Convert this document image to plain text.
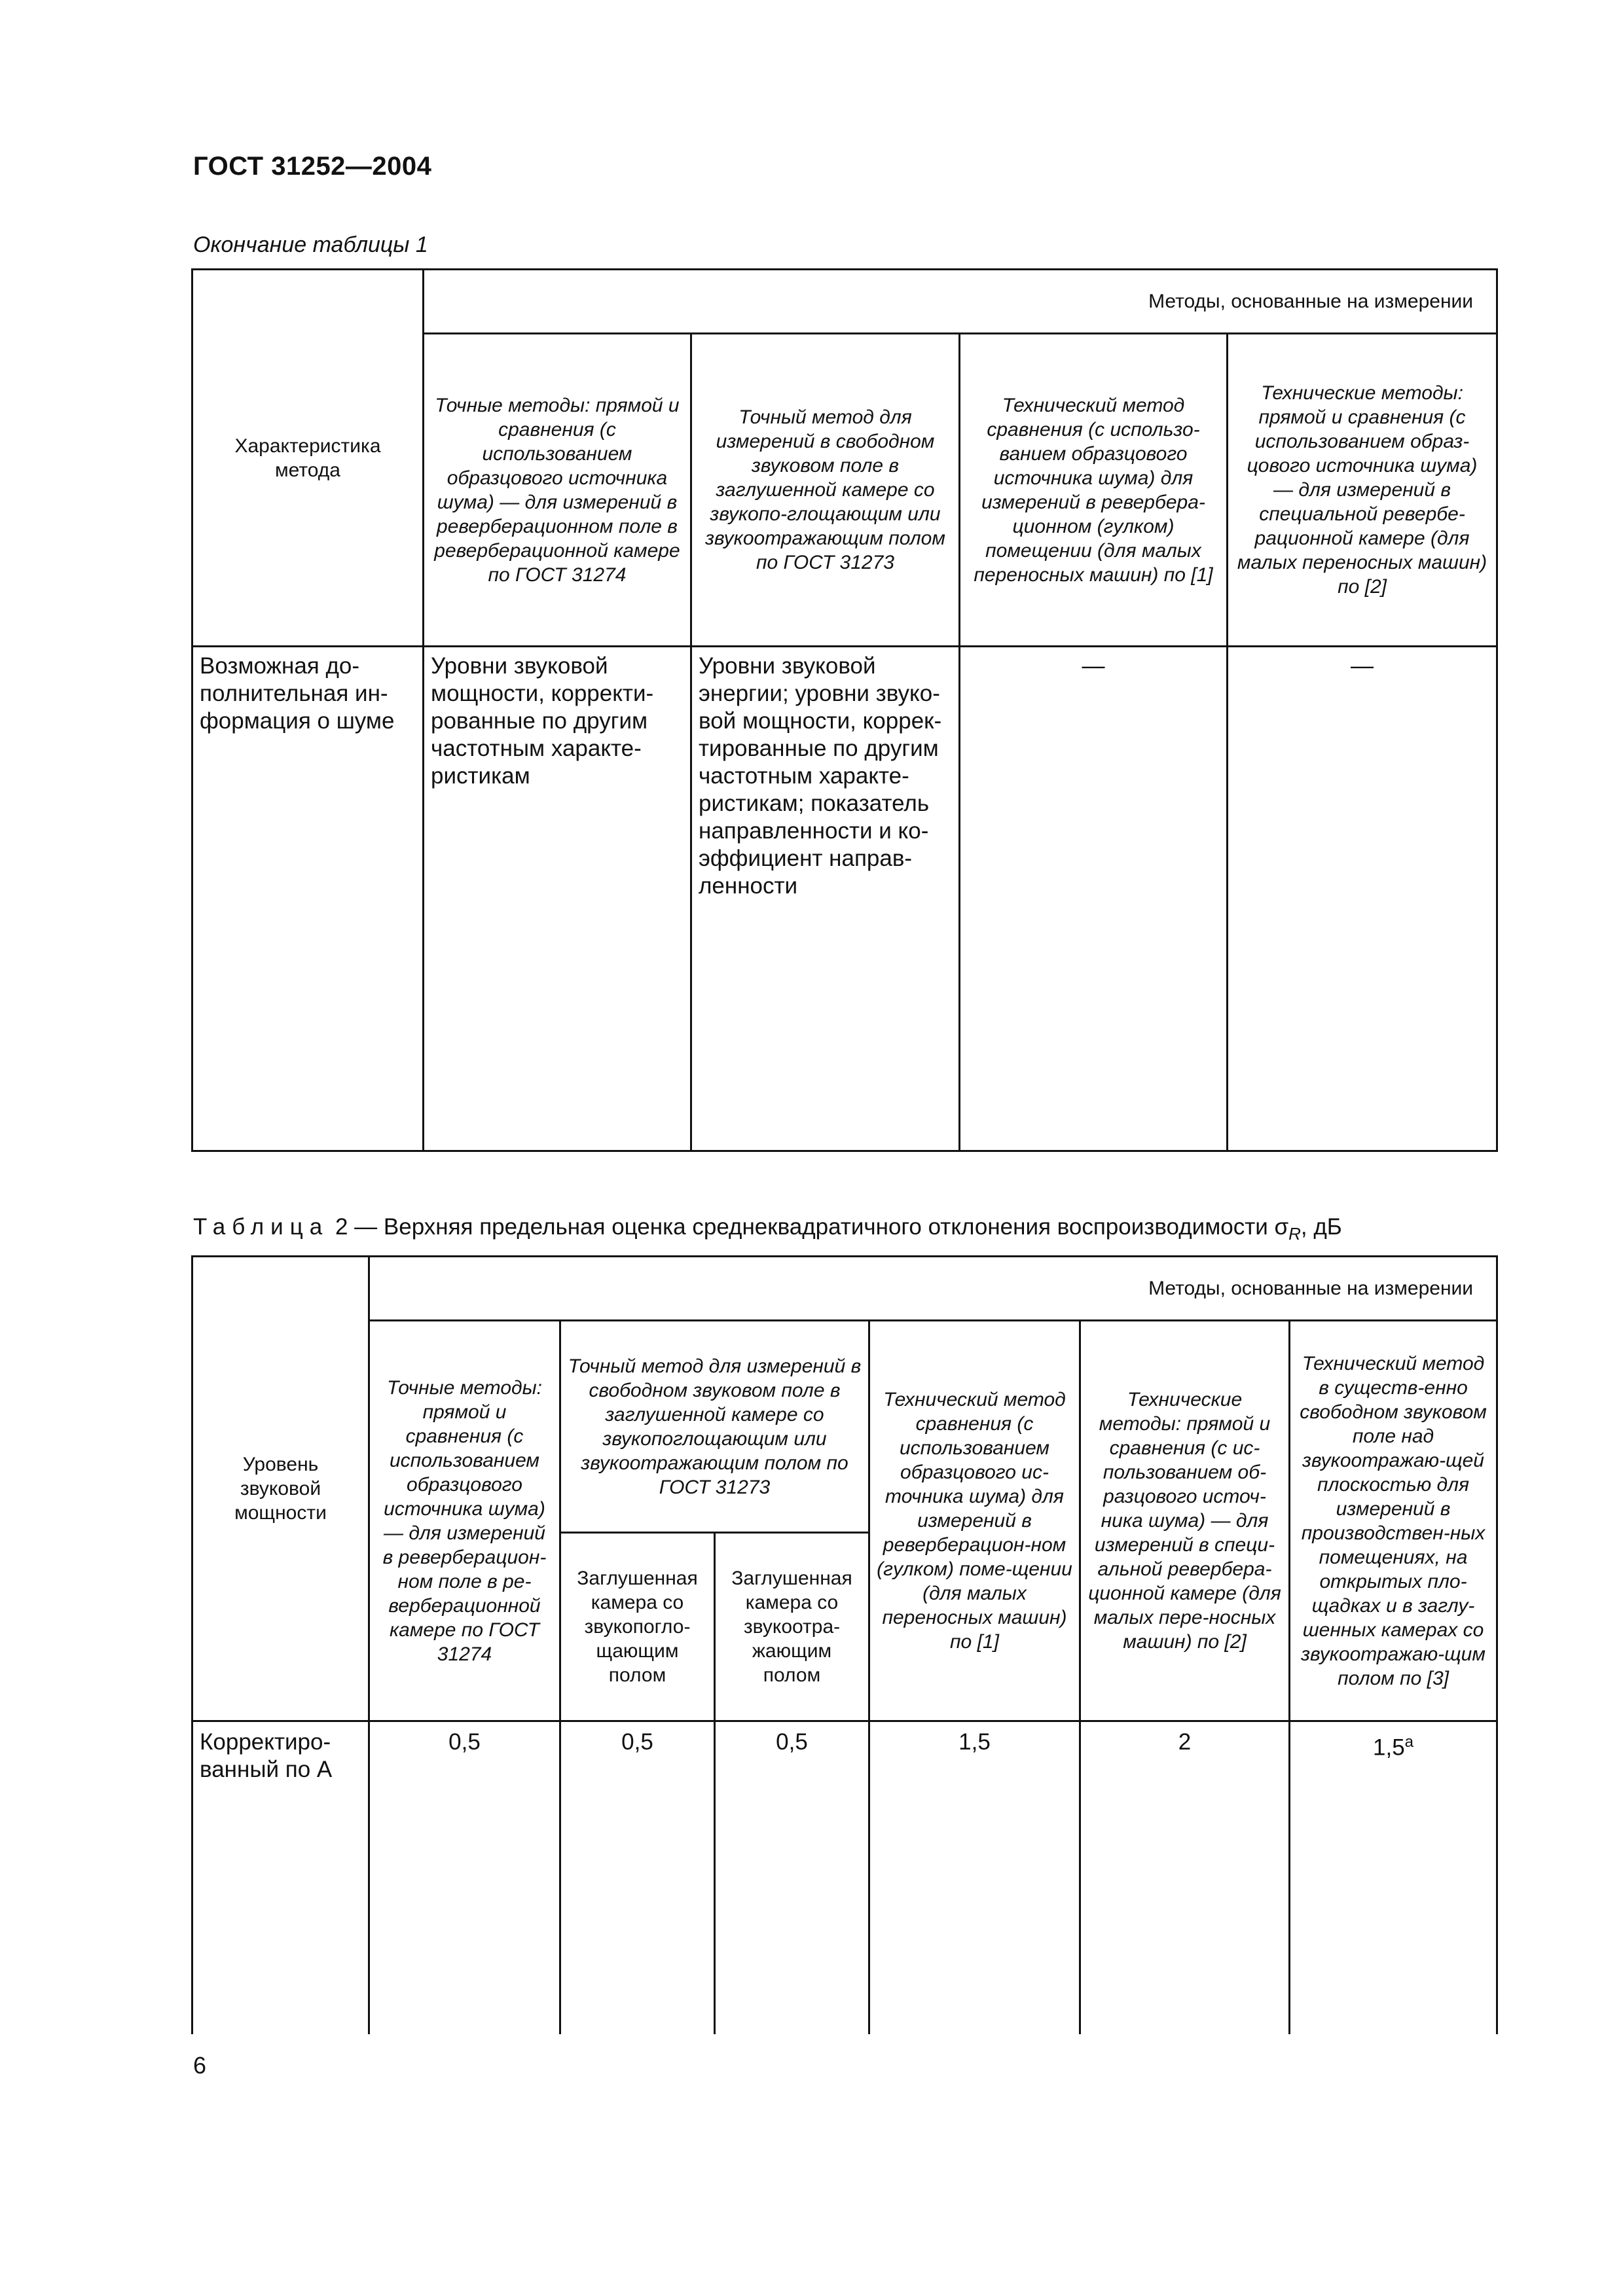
ГОСТ 31252—2004
Окончание таблицы 1
Характеристика метода	Методы, основанные на измерении			
	Точные методы: прямой и сравнения (с использованием образцового источника шума) — для измерений в реверберационном поле в реверберационной камере по ГОСТ 31274	Точный метод для измерений в свободном звуковом поле в заглушенной камере со звукопо-глощающим или звукоотражающим полом по ГОСТ 31273	Технический метод сравнения (с использо-ванием образцового источника шума) для измерений в ревербера-ционном (гулком) помещении (для малых переносных машин) по [1]	Технические методы: прямой и сравнения (с использованием образ-цового источника шума) — для измерений в специальной ревербе-рационной камере (для малых переносных машин) по [2]
Возможная до-полнительная ин-формация о шуме	Уровни звуковой мощности, корректи-рованные по другим частотным характе-ристикам	Уровни звуковой энергии; уровни звуко-вой мощности, коррек-тированные по другим частотным характе-ристикам; показатель направленности и ко-эффициент направ-ленности	—	—
Таблица 2 — Верхняя предельная оценка среднеквадратичного отклонения воспроизводимости $\sigma_R$, дБ
Уровень звуковой мощности	Методы, основанные на измерении					
	Точные методы: прямой и сравнения (с использованием образцового источника шума) — для измерений в реверберацион-ном поле в ре-верберационной камере по ГОСТ 31274	Точный метод для измерений в свободном звуковом поле в заглушенной камере со звукопоглощающим или звукоотражающим полом по ГОСТ 31273		Технический метод сравнения (с использованием образцового ис-точника шума) для измерений в реверберацион-ном (гулком) поме-щении (для малых переносных машин) по [1]	Технические методы: прямой и сравнения (с ис-пользованием об-разцового источ-ника шума) — для измерений в специ-альной ревербера-ционной камере (для малых пере-носных машин) по [2]	Технический метод в существ-енно свободном звуковом поле над звукоотражаю-щей плоскостью для измерений в производствен-ных помещениях, на открытых пло-щадках и в заглу-шенных камерах со звукоотражаю-щим полом по [3]
		Заглушенная камера со звукопогло-щающим полом	Заглушенная камера со звукоотра-жающим полом			
Корректиро-ванный по A	0,5	0,5	0,5	1,5	2	1,5$^a$
6
